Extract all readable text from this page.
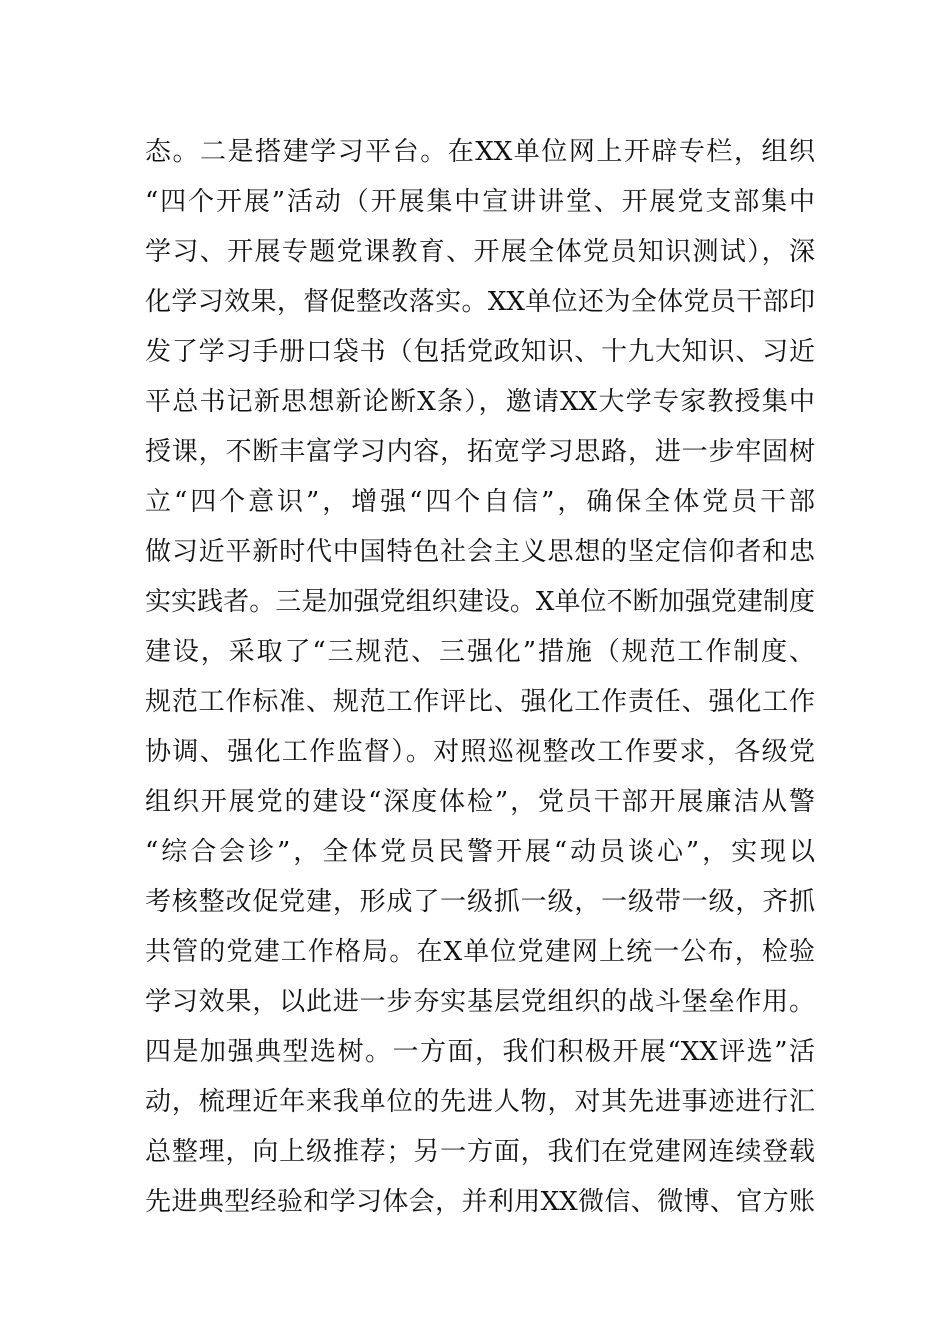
态。二是搭建学习平台。在XX单位网上开辟专栏，组织
“四个开展”活动（开展集中宣讲讲堂、开展党支部集中
学习、开展专题党课教育、开展全体党员知识测试），深
化学习效果，督促整改落实。XX单位还为全体党员干部印
发了学习手册口袋书（包括党政知识、十九大知识、习近
平总书记新思想新论断X条），邀请XX大学专家教授集中
授课，不断丰富学习内容，拓宽学习思路，进一步牢固树
立“四个意识”，增强“四个自信”，确保全体党员干部
做习近平新时代中国特色社会主义思想的坚定信仰者和忠
实实践者。三是加强党组织建设。X单位不断加强党建制度
建设，采取了“三规范、三强化”措施（规范工作制度、
规范工作标准、规范工作评比、强化工作责任、强化工作
协调、强化工作监督）。对照巡视整改工作要求，各级党
组织开展党的建设“深度体检”，党员干部开展廉洁从警
“综合会诊”，全体党员民警开展“动员谈心”，实现以
考核整改促党建，形成了一级抓一级，一级带一级，齐抓
共管的党建工作格局。在X单位党建网上统一公布，检验
学习效果，以此进一步夯实基层党组织的战斗堡垒作用。
四是加强典型选树。一方面，我们积极开展“XX评选”活
动，梳理近年来我单位的先进人物，对其先进事迹进行汇
总整理，向上级推荐；另一方面，我们在党建网连续登载
先进典型经验和学习体会，并利用XX微信、微博、官方账
